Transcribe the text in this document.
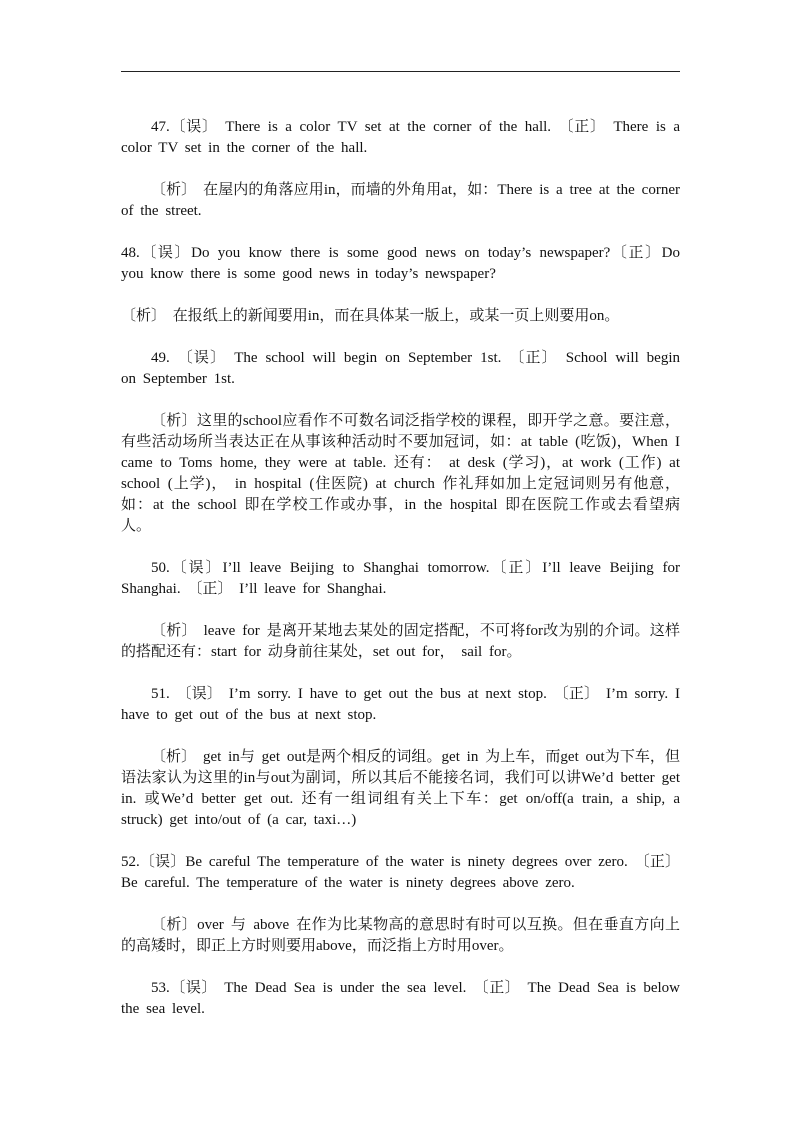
47.〔误〕 There is a color TV set at the corner of the hall. 〔正〕 There is a color TV set in the corner of the hall.

〔析〕 在屋内的角落应用in，而墙的外角用at，如：There is a tree at the corner of the street.

48.〔误〕Do you know there is some good news on today’s newspaper?〔正〕Do you know there is some good news in today’s newspaper?

〔析〕 在报纸上的新闻要用in，而在具体某一版上，或某一页上则要用on。

49. 〔误〕 The school will begin on September 1st. 〔正〕 School will begin on September 1st.

〔析〕这里的school应看作不可数名词泛指学校的课程，即开学之意。要注意，有些活动场所当表达正在从事该种活动时不要加冠词，如：at table (吃饭)，When I came to Toms home, they were at table. 还有： at desk (学习)，at work (工作) at school (上学)， in hospital (住医院) at church 作礼拜如加上定冠词则另有他意，如：at the school 即在学校工作或办事，in the hospital 即在医院工作或去看望病人。

50.〔误〕I’ll leave Beijing to Shanghai tomorrow.〔正〕I’ll leave Beijing for Shanghai. 〔正〕 I’ll leave for Shanghai.

〔析〕 leave for 是离开某地去某处的固定搭配，不可将for改为别的介词。这样的搭配还有：start for 动身前往某处，set out for， sail for。

51. 〔误〕 I’m sorry. I have to get out the bus at next stop. 〔正〕 I’m sorry. I have to get out of the bus at next stop.

〔析〕 get in与 get out是两个相反的词组。get in 为上车，而get out为下车，但语法家认为这里的in与out为副词，所以其后不能接名词，我们可以讲We’d better get in. 或We’d better get out. 还有一组词组有关上下车：get on/off(a train, a ship, a struck) get into/out of (a car, taxi…)

52.〔误〕Be careful The temperature of the water is ninety degrees over zero. 〔正〕 Be careful. The temperature of the water is ninety degrees above zero.

〔析〕over 与 above 在作为比某物高的意思时有时可以互换。但在垂直方向上的高矮时，即正上方时则要用above，而泛指上方时用over。

53.〔误〕 The Dead Sea is under the sea level. 〔正〕 The Dead Sea is below the sea level.
